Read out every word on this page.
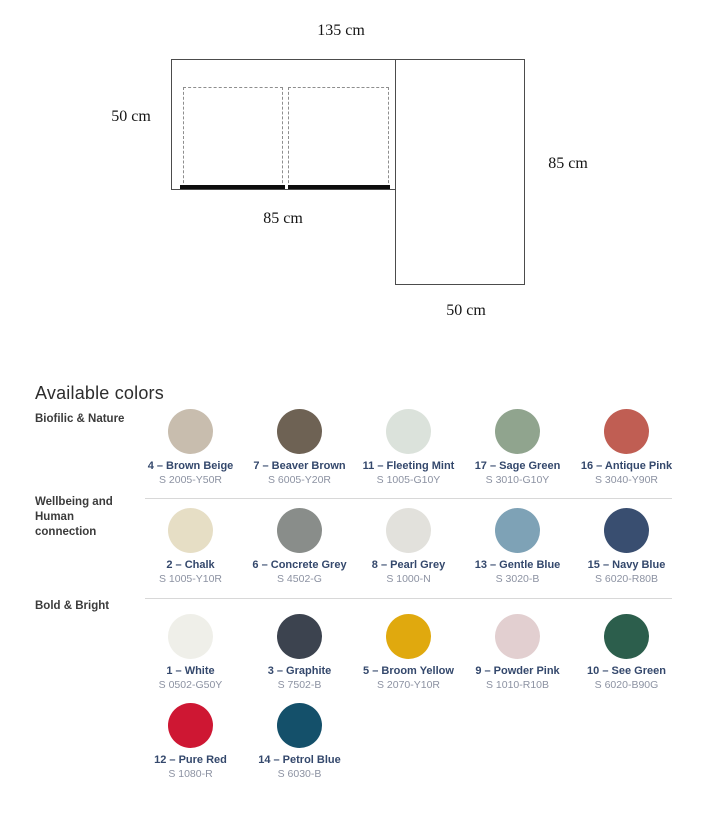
135 cm
50 cm
85 cm
85 cm
50 cm
Available colors
Biofilic & Nature
Wellbeing and Human connection
Bold & Bright
4 – Brown Beige
S 2005-Y50R
7 – Beaver Brown
S 6005-Y20R
11 – Fleeting Mint
S 1005-G10Y
17 – Sage Green
S 3010-G10Y
16 – Antique Pink
S 3040-Y90R
2 – Chalk
S 1005-Y10R
6 – Concrete Grey
S 4502-G
8 – Pearl Grey
S 1000-N
13 – Gentle Blue
S 3020-B
15 – Navy Blue
S 6020-R80B
1 – White
S 0502-G50Y
3 – Graphite
S 7502-B
5 – Broom Yellow
S 2070-Y10R
9 – Powder Pink
S 1010-R10B
10 – See Green
S 6020-B90G
12 – Pure Red
S 1080-R
14 – Petrol Blue
S 6030-B
